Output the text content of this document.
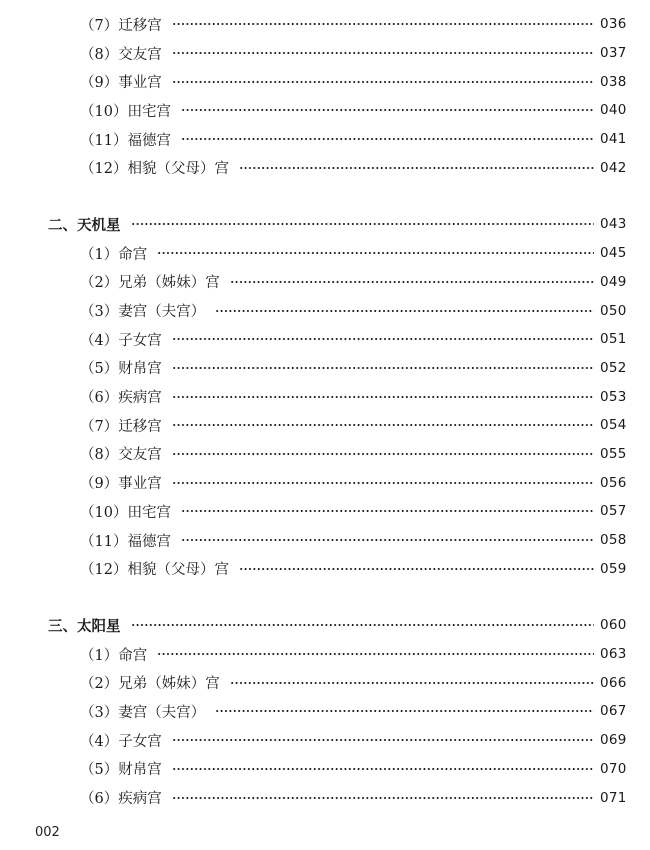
（7）迁移宫	036
（8）交友宫	037
（9）事业宫	038
（10）田宅宫	040
（11）福德宫	041
（12）相貌（父母）宫	042
二、天机星	043
（1）命宫	045
（2）兄弟（姊妹）宫	049
（3）妻宫（夫宫）	050
（4）子女宫	051
（5）财帛宫	052
（6）疾病宫	053
（7）迁移宫	054
（8）交友宫	055
（9）事业宫	056
（10）田宅宫	057
（11）福德宫	058
（12）相貌（父母）宫	059
三、太阳星	060
（1）命宫	063
（2）兄弟（姊妹）宫	066
（3）妻宫（夫宫）	067
（4）子女宫	069
（5）财帛宫	070
（6）疾病宫	071
002
